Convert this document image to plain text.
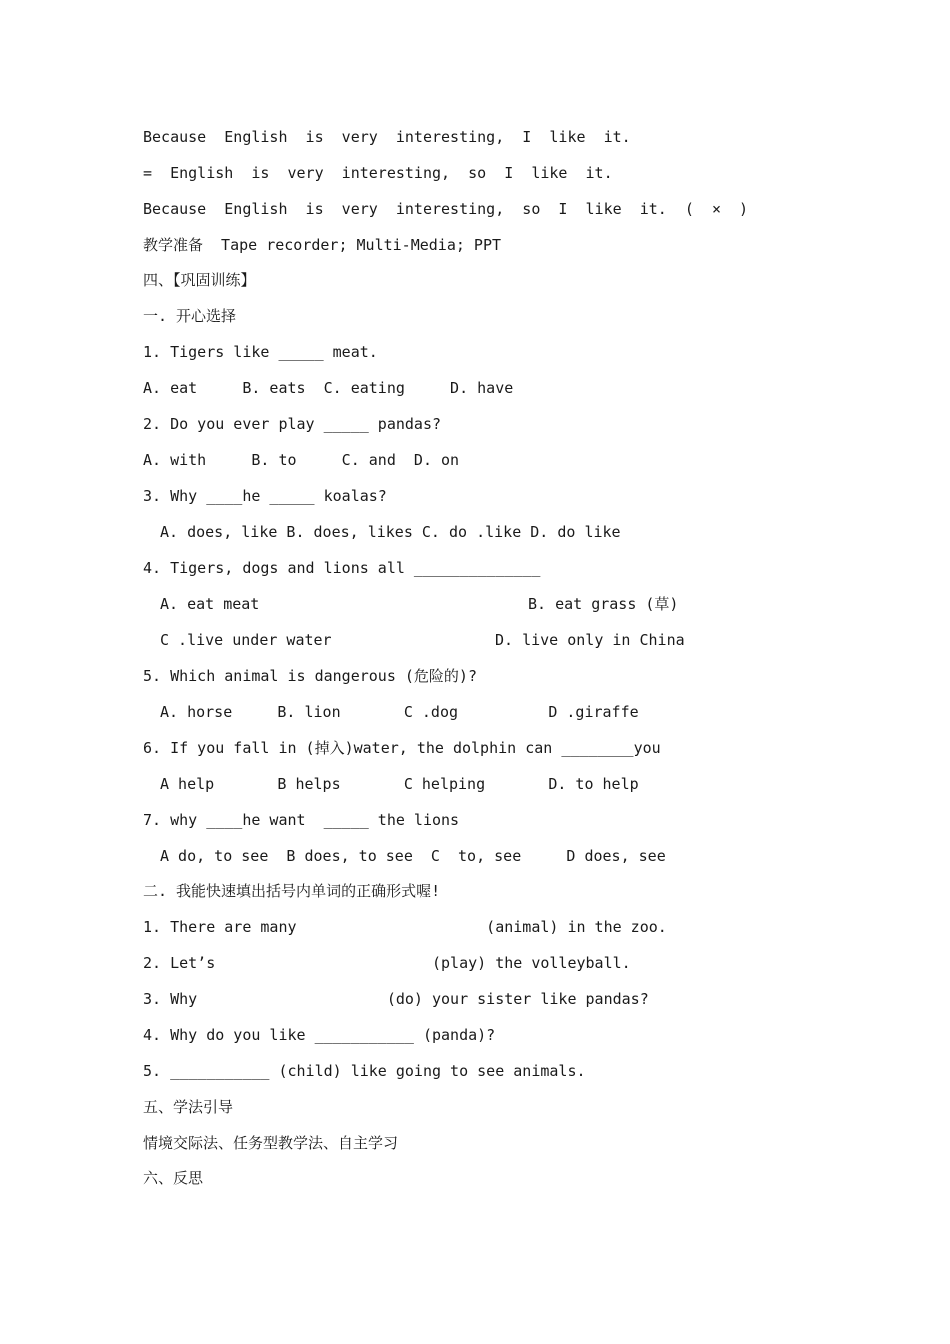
Because  English  is  very  interesting,  I  like  it.
=  English  is  very  interesting,  so  I  like  it.
Because  English  is  very  interesting,  so  I  like  it.  (  ×  )
教学准备  Tape recorder; Multi-Media; PPT
四、【巩固训练】
一. 开心选择
1. Tigers like _____ meat.
A. eat     B. eats  C. eating     D. have
2. Do you ever play _____ pandas?
A. with     B. to     C. and  D. on
3. Why ____he _____ koalas?
A. does, like B. does, likes C. do .like D. do like
4. Tigers, dogs and lions all ______________
A. eat meat	B. eat grass (草)
C .live under water	D. live only in China
5. Which animal is dangerous (危险的)?
A. horse     B. lion       C .dog          D .giraffe
6. If you fall in (掉入)water, the dolphin can ________you
A help       B helps       C helping       D. to help
7. why ____he want  _____ the lions
A do, to see  B does, to see  C  to, see     D does, see
二. 我能快速填出括号内单词的正确形式喔!
1. There are many                     (animal) in the zoo.
2. Let’s                        (play) the volleyball.
3. Why                     (do) your sister like pandas?
4. Why do you like ___________ (panda)?
5. ___________ (child) like going to see animals.
五、学法引导
情境交际法、任务型教学法、自主学习
六、反思
